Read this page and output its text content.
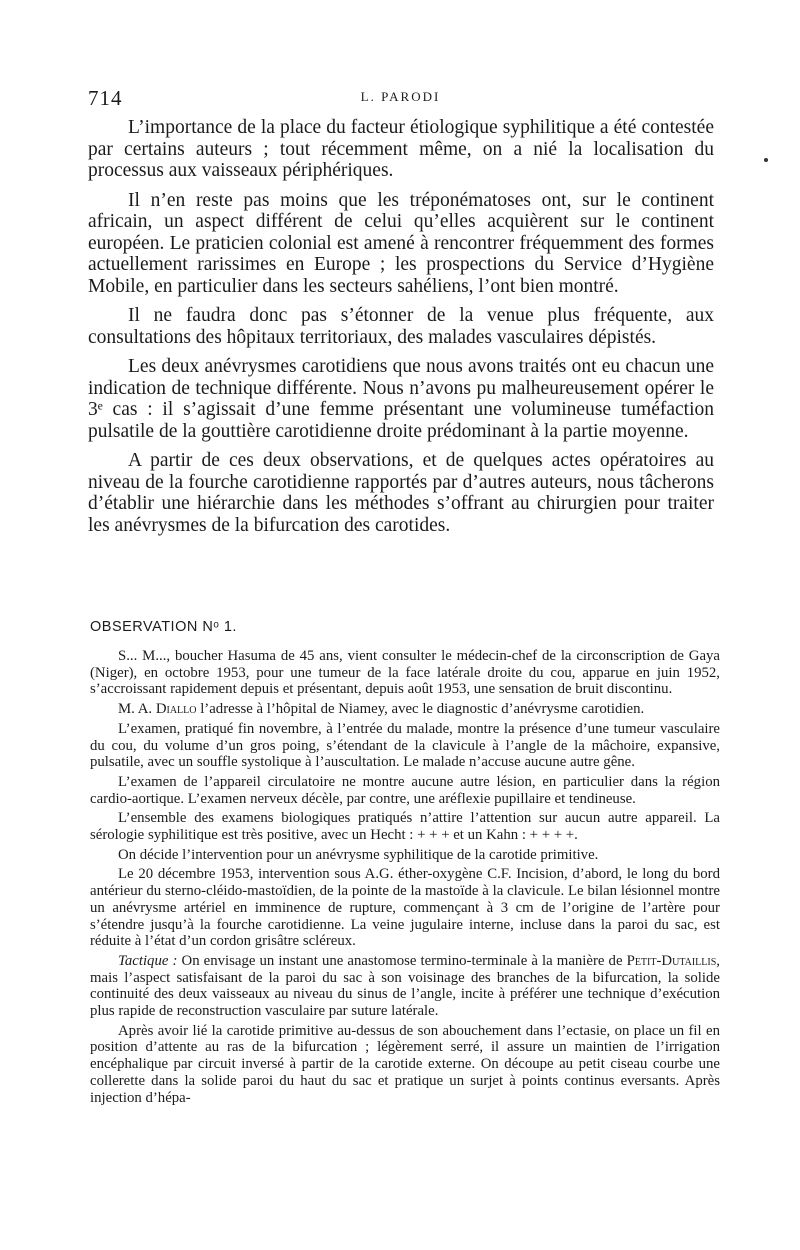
714	L. PARODI

L’importance de la place du facteur étiologique syphilitique a été contestée par certains auteurs ; tout récemment même, on a nié la localisation du processus aux vaisseaux périphériques.

Il n’en reste pas moins que les tréponématoses ont, sur le continent africain, un aspect différent de celui qu’elles acquièrent sur le continent européen. Le praticien colonial est amené à rencontrer fréquemment des formes actuellement rarissimes en Europe ; les prospections du Service d’Hygiène Mobile, en particulier dans les secteurs sahéliens, l’ont bien montré.

Il ne faudra donc pas s’étonner de la venue plus fréquente, aux consultations des hôpitaux territoriaux, des malades vasculaires dépistés.

Les deux anévrysmes carotidiens que nous avons traités ont eu chacun une indication de technique différente. Nous n’avons pu malheureusement opérer le 3ᵉ cas : il s’agissait d’une femme présentant une volumineuse tuméfaction pulsatile de la gouttière carotidienne droite prédominant à la partie moyenne.

A partir de ces deux observations, et de quelques actes opératoires au niveau de la fourche carotidienne rapportés par d’autres auteurs, nous tâcherons d’établir une hiérarchie dans les méthodes s’offrant au chirurgien pour traiter les anévrysmes de la bifurcation des carotides.

OBSERVATION Nᵒ 1.

S... M..., boucher Hasuma de 45 ans, vient consulter le médecin-chef de la circonscription de Gaya (Niger), en octobre 1953, pour une tumeur de la face latérale droite du cou, apparue en juin 1952, s’accroissant rapidement depuis et présentant, depuis août 1953, une sensation de bruit discontinu.

M. A. Diallo l’adresse à l’hôpital de Niamey, avec le diagnostic d’anévrysme carotidien.

L’examen, pratiqué fin novembre, à l’entrée du malade, montre la présence d’une tumeur vasculaire du cou, du volume d’un gros poing, s’étendant de la clavicule à l’angle de la mâchoire, expansive, pulsatile, avec un souffle systolique à l’auscultation. Le malade n’accuse aucune autre gêne.

L’examen de l’appareil circulatoire ne montre aucune autre lésion, en particulier dans la région cardio-aortique. L’examen nerveux décèle, par contre, une aréflexie pupillaire et tendineuse.

L’ensemble des examens biologiques pratiqués n’attire l’attention sur aucun autre appareil. La sérologie syphilitique est très positive, avec un Hecht : + + + et un Kahn : + + + +.

On décide l’intervention pour un anévrysme syphilitique de la carotide primitive.

Le 20 décembre 1953, intervention sous A.G. éther-oxygène C.F. Incision, d’abord, le long du bord antérieur du sterno-cléido-mastoïdien, de la pointe de la mastoïde à la clavicule. Le bilan lésionnel montre un anévrysme artériel en imminence de rupture, commençant à 3 cm de l’origine de l’artère pour s’étendre jusqu’à la fourche carotidienne. La veine jugulaire interne, incluse dans la paroi du sac, est réduite à l’état d’un cordon grisâtre scléreux.

Tactique : On envisage un instant une anastomose termino-terminale à la manière de Petit-Dutaillis, mais l’aspect satisfaisant de la paroi du sac à son voisinage des branches de la bifurcation, la solide continuité des deux vaisseaux au niveau du sinus de l’angle, incite à préférer une technique d’exécution plus rapide de reconstruction vasculaire par suture latérale.

Après avoir lié la carotide primitive au-dessus de son abouchement dans l’ectasie, on place un fil en position d’attente au ras de la bifurcation ; légèrement serré, il assure un maintien de l’irrigation encéphalique par circuit inversé à partir de la carotide externe. On découpe au petit ciseau courbe une collerette dans la solide paroi du haut du sac et pratique un surjet à points continus eversants. Après injection d’hépa-
